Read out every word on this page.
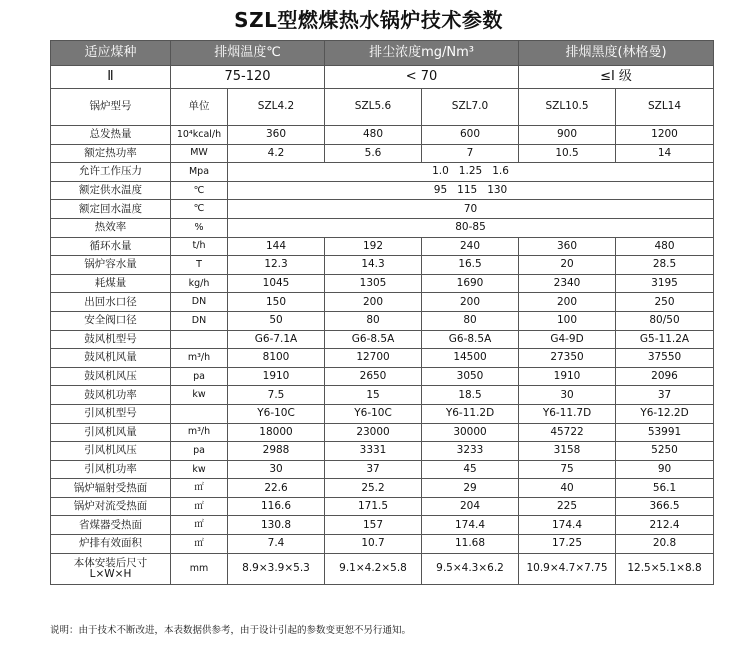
SZL型燃煤热水锅炉技术参数
适应煤种	排烟温度℃		排尘浓度mg/Nm³		排烟黑度(林格曼)	
Ⅱ	75-120		< 70		≤Ⅰ 级	
锅炉型号	单位	SZL4.2	SZL5.6	SZL7.0	SZL10.5	SZL14
总发热量	10⁴kcal/h	360	480	600	900	1200
额定热功率	MW	4.2	5.6	7	10.5	14
允许工作压力	Mpa	1.0   1.25   1.6				
额定供水温度	℃	95   115   130				
额定回水温度	℃	70				
热效率	%	80-85				
循环水量	t/h	144	192	240	360	480
锅炉容水量	T	12.3	14.3	16.5	20	28.5
耗煤量	kg/h	1045	1305	1690	2340	3195
出回水口径	DN	150	200	200	200	250
安全阀口径	DN	50	80	80	100	80/50
鼓风机型号		G6-7.1A	G6-8.5A	G6-8.5A	G4-9D	G5-11.2A
鼓风机风量	m³/h	8100	12700	14500	27350	37550
鼓风机风压	pa	1910	2650	3050	1910	2096
鼓风机功率	kw	7.5	15	18.5	30	37
引风机型号		Y6-10C	Y6-10C	Y6-11.2D	Y6-11.7D	Y6-12.2D
引风机风量	m³/h	18000	23000	30000	45722	53991
引风机风压	pa	2988	3331	3233	3158	5250
引风机功率	kw	30	37	45	75	90
锅炉辐射受热面	㎡	22.6	25.2	29	40	56.1
锅炉对流受热面	㎡	116.6	171.5	204	225	366.5
省煤器受热面	㎡	130.8	157	174.4	174.4	212.4
炉排有效面积	㎡	7.4	10.7	11.68	17.25	20.8

本体安装后尺寸
L×W×H	mm	8.9×3.9×5.3	9.1×4.2×5.8	9.5×4.3×6.2	10.9×4.7×7.75	12.5×5.1×8.8
说明：由于技术不断改进，本表数据供参考，由于设计引起的参数变更恕不另行通知。
